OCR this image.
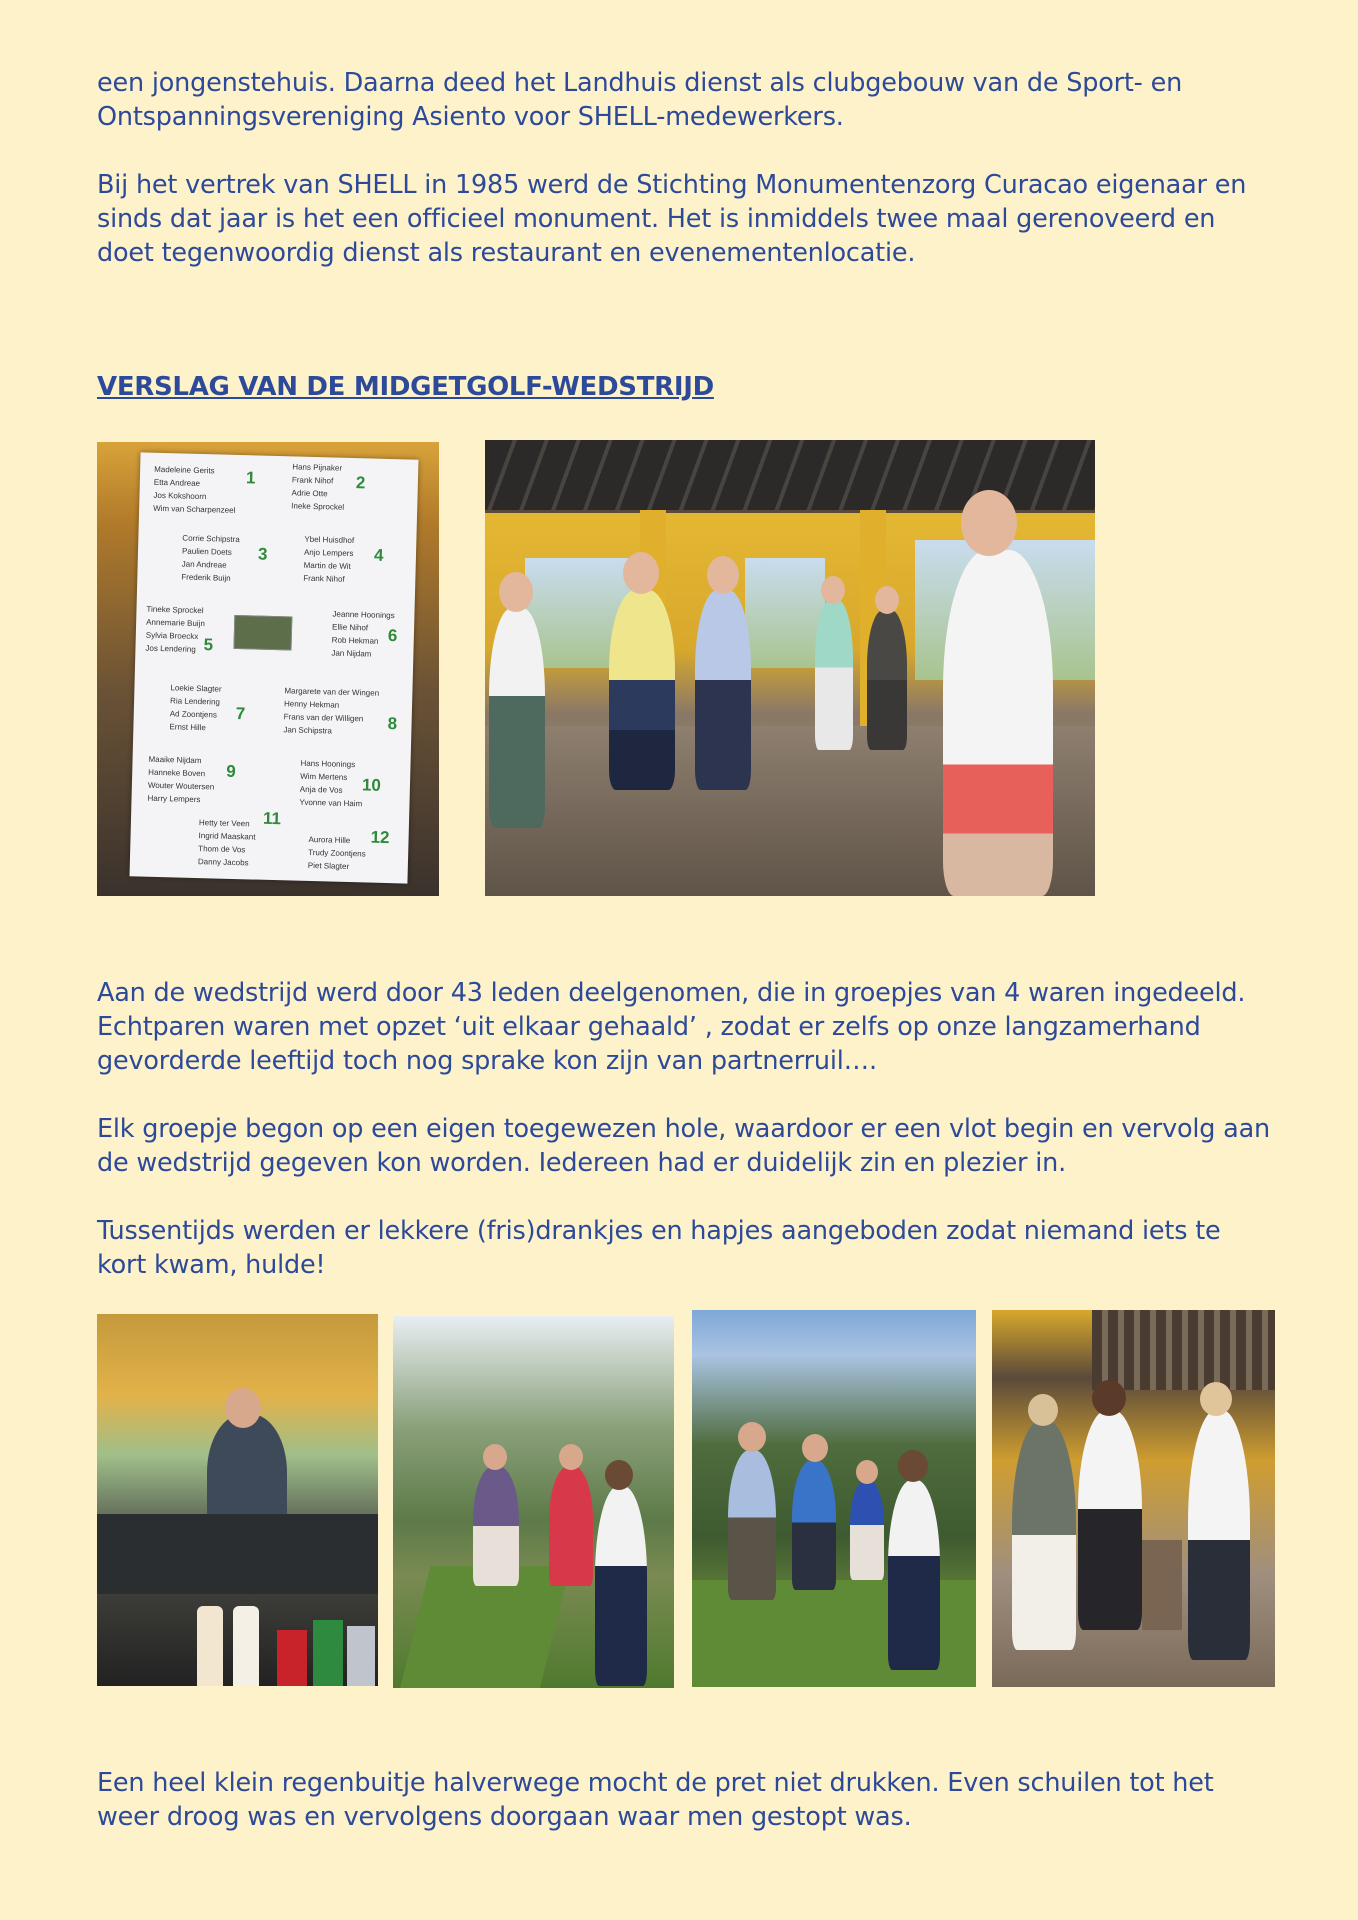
een jongenstehuis. Daarna deed het Landhuis dienst als clubgebouw van de Sport- en Ontspanningsvereniging Asiento voor SHELL-medewerkers.

Bij het vertrek van SHELL in 1985 werd de Stichting Monumentenzorg Curacao eigenaar en sinds dat jaar is het een officieel monument. Het is inmiddels twee maal gerenoveerd en doet tegenwoordig dienst als restaurant en evenementenlocatie.

VERSLAG VAN DE MIDGETGOLF-WEDSTRIJD
Madeleine Gerits
Etta Andreae
Jos Kokshoorn
Wim van Scharpenzeel
1
Hans Pijnaker
Frank Nihof
Adrie Otte
Ineke Sprockel
2
Corrie Schipstra
Paulien Doets
Jan Andreae
Frederik Buijn
3
Ybel Huisdhof
Anjo Lempers
Martin de Wit
Frank Nihof
4
Tineke Sprockel
Annemarie Buijn
Sylvia Broeckx
Jos Lendering 5
Jeanne Hoonings
Ellie Nihof
Rob Hekman
Jan Nijdam
6
Loekie Slagter
Ria Lendering
Ad Zoontjens
Ernst Hille
7
Margarete van der Wingen
Henny Hekman
Frans van der Willigen
Jan Schipstra	8
Maaike Nijdam
Hanneke Boven
Wouter Woutersen
Harry Lempers
9	Hans Hoonings
Wim Mertens
Anja de Vos
Yvonne van Haim
10
Hetty ter Veen
Ingrid Maaskant
Thom de Vos
Danny Jacobs
11
Aurora Hille
Trudy Zoontjens
Piet Slagter
12

Aan de wedstrijd werd door 43 leden deelgenomen, die in groepjes van 4 waren ingedeeld. Echtparen waren met opzet ‘uit elkaar gehaald’ , zodat er zelfs op onze langzamerhand gevorderde leeftijd toch nog sprake kon zijn van partnerruil….

Elk groepje begon op een eigen toegewezen hole, waardoor er een vlot begin en vervolg aan de wedstrijd gegeven kon worden. Iedereen had er duidelijk zin en plezier in.

Tussentijds werden er lekkere (fris)drankjes en hapjes aangeboden zodat niemand iets te kort kwam, hulde!

Een heel klein regenbuitje halverwege mocht de pret niet drukken. Even schuilen tot het weer droog was en vervolgens doorgaan waar men gestopt was.
